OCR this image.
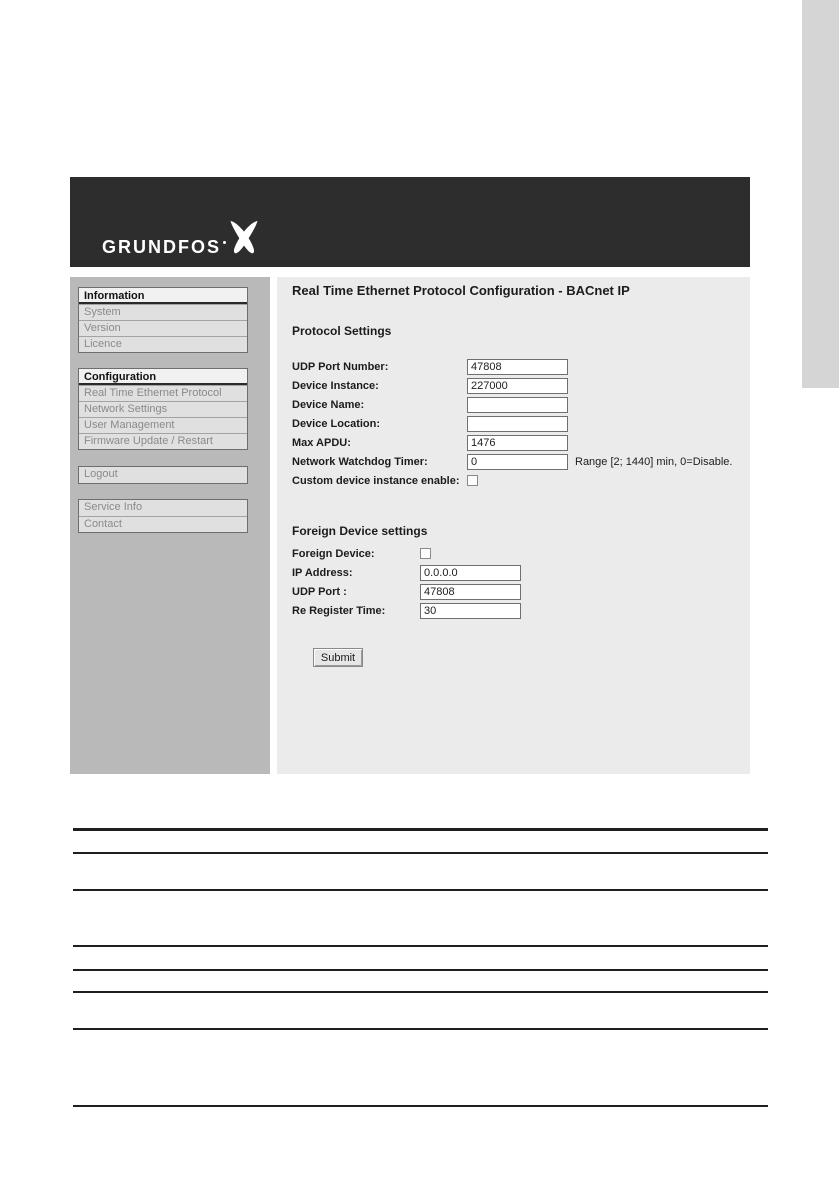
GRUNDFOS
Information
System
Version
Licence
Configuration
Real Time Ethernet Protocol
Network Settings
User Management
Firmware Update / Restart
Logout
Service Info
Contact
Real Time Ethernet Protocol Configuration - BACnet IP
Protocol Settings
UDP Port Number:
47808
Device Instance:
227000
Device Name:
Device Location:
Max APDU:
1476
Network Watchdog Timer:
0	Range [2; 1440] min, 0=Disable.
Custom device instance enable:
Foreign Device settings
Foreign Device:
IP Address:
0.0.0.0
UDP Port :
47808
Re Register Time:
30
Submit
